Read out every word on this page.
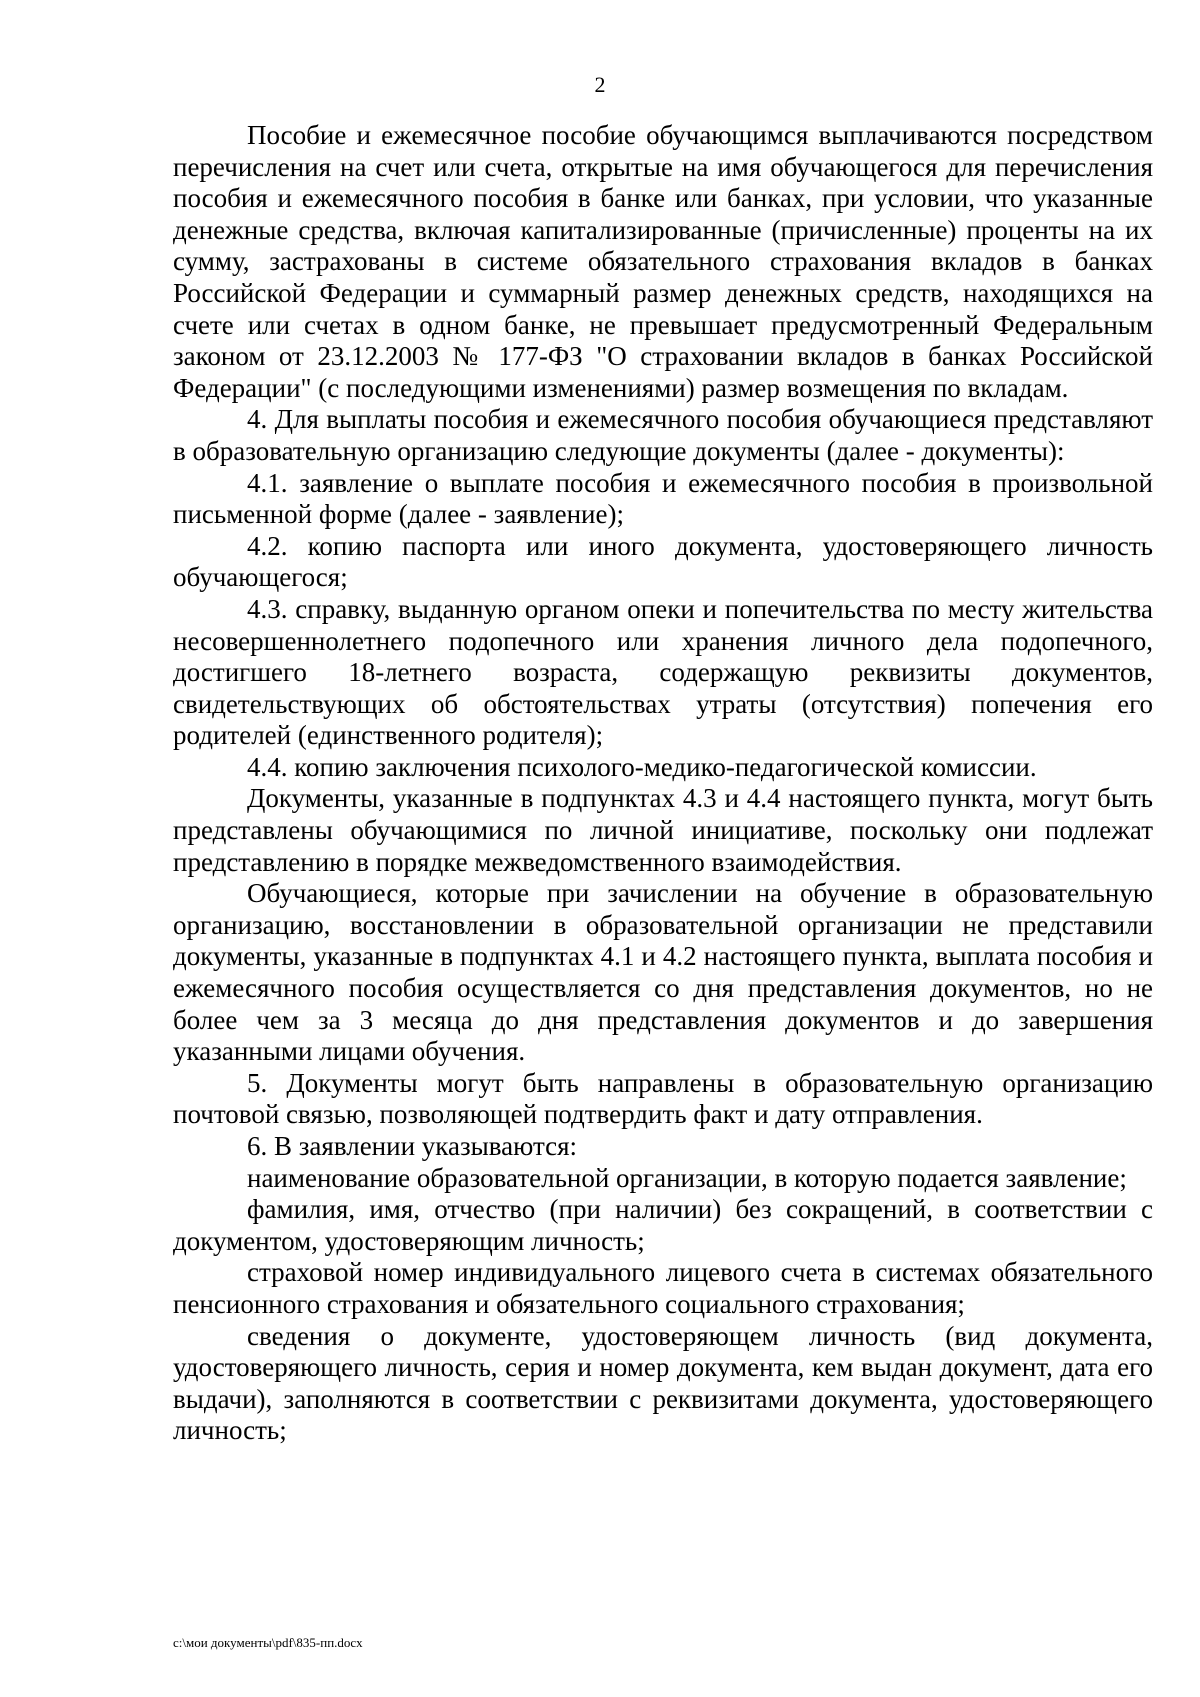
2

Пособие и ежемесячное пособие обучающимся выплачиваются посредством перечисления на счет или счета, открытые на имя обучающегося для перечисления пособия и ежемесячного пособия в банке или банках, при условии, что указанные денежные средства, включая капитализированные (причисленные) проценты на их сумму, застрахованы в системе обязательного страхования вкладов в банках Российской Федерации и суммарный размер денежных средств, находящихся на счете или счетах в одном банке, не превышает предусмотренный Федеральным законом от 23.12.2003 № 177-ФЗ "О страховании вкладов в банках Российской Федерации" (с последующими изменениями) размер возмещения по вкладам.

4. Для выплаты пособия и ежемесячного пособия обучающиеся представляют в образовательную организацию следующие документы (далее - документы):

4.1. заявление о выплате пособия и ежемесячного пособия в произвольной письменной форме (далее - заявление);

4.2. копию паспорта или иного документа, удостоверяющего личность обучающегося;

4.3. справку, выданную органом опеки и попечительства по месту жительства несовершеннолетнего подопечного или хранения личного дела подопечного, достигшего 18-летнего возраста, содержащую реквизиты документов, свидетельствующих об обстоятельствах утраты (отсутствия) попечения его родителей (единственного родителя);

4.4. копию заключения психолого-медико-педагогической комиссии.

Документы, указанные в подпунктах 4.3 и 4.4 настоящего пункта, могут быть представлены обучающимися по личной инициативе, поскольку они подлежат представлению в порядке межведомственного взаимодействия.

Обучающиеся, которые при зачислении на обучение в образовательную организацию, восстановлении в образовательной организации не представили документы, указанные в подпунктах 4.1 и 4.2 настоящего пункта, выплата пособия и ежемесячного пособия осуществляется со дня представления документов, но не более чем за 3 месяца до дня представления документов и до завершения указанными лицами обучения.

5. Документы могут быть направлены в образовательную организацию почтовой связью, позволяющей подтвердить факт и дату отправления.

6. В заявлении указываются:

наименование образовательной организации, в которую подается заявление;

фамилия, имя, отчество (при наличии) без сокращений, в соответствии с документом, удостоверяющим личность;

страховой номер индивидуального лицевого счета в системах обязательного пенсионного страхования и обязательного социального страхования;

сведения о документе, удостоверяющем личность (вид документа, удостоверяющего личность, серия и номер документа, кем выдан документ, дата его выдачи), заполняются в соответствии с реквизитами документа, удостоверяющего личность;

c:\мои документы\pdf\835-пп.docx
